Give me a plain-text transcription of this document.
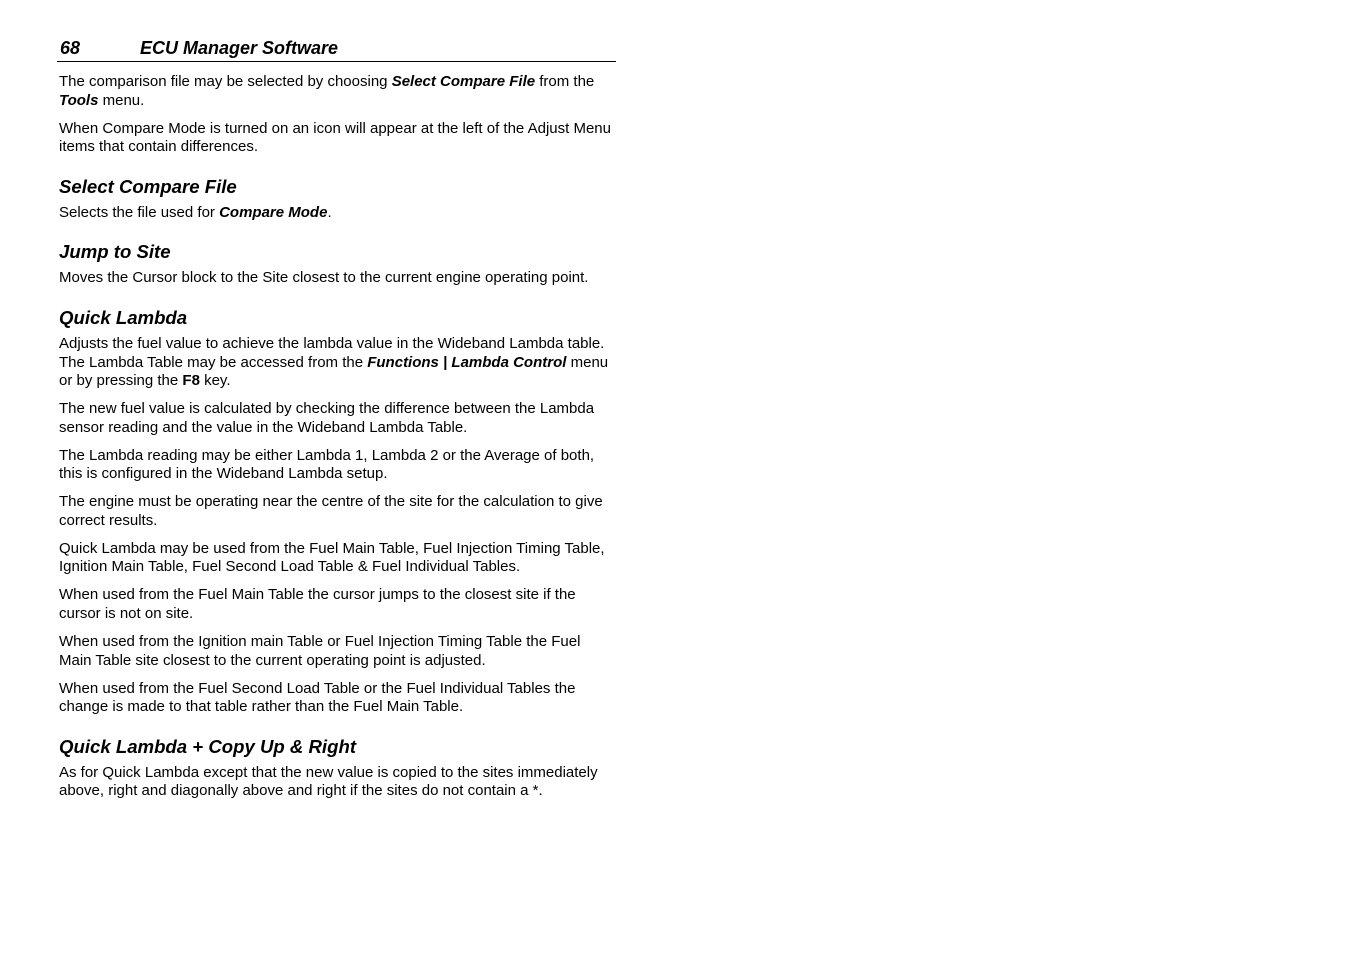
68	ECU Manager Software

The comparison file may be selected by choosing Select Compare File from the Tools menu.

When Compare Mode is turned on an icon will appear at the left of the Adjust Menu items that contain differences.

Select Compare File

Selects the file used for Compare Mode.

Jump to Site

Moves the Cursor block to the Site closest to the current engine operating point.

Quick Lambda

Adjusts the fuel value to achieve the lambda value in the Wideband Lambda table. The Lambda Table may be accessed from the Functions | Lambda Control menu or by pressing the F8 key.

The new fuel value is calculated by checking the difference between the Lambda sensor reading and the value in the Wideband Lambda Table.

The Lambda reading may be either Lambda 1, Lambda 2 or the Average of both, this is configured in the Wideband Lambda setup.

The engine must be operating near the centre of the site for the calculation to give correct results.

Quick Lambda may be used from the Fuel Main Table, Fuel Injection Timing Table, Ignition Main Table, Fuel Second Load Table & Fuel Individual Tables.

When used from the Fuel Main Table the cursor jumps to the closest site if the cursor is not on site.

When used from the Ignition main Table or Fuel Injection Timing Table the Fuel Main Table site closest to the current operating point is adjusted.

When used from the Fuel Second Load Table or the Fuel Individual Tables the change is made to that table rather than the Fuel Main Table.

Quick Lambda + Copy Up & Right

As for Quick Lambda except that the new value is copied to the sites immediately above, right and diagonally above and right if the sites do not contain a *.
